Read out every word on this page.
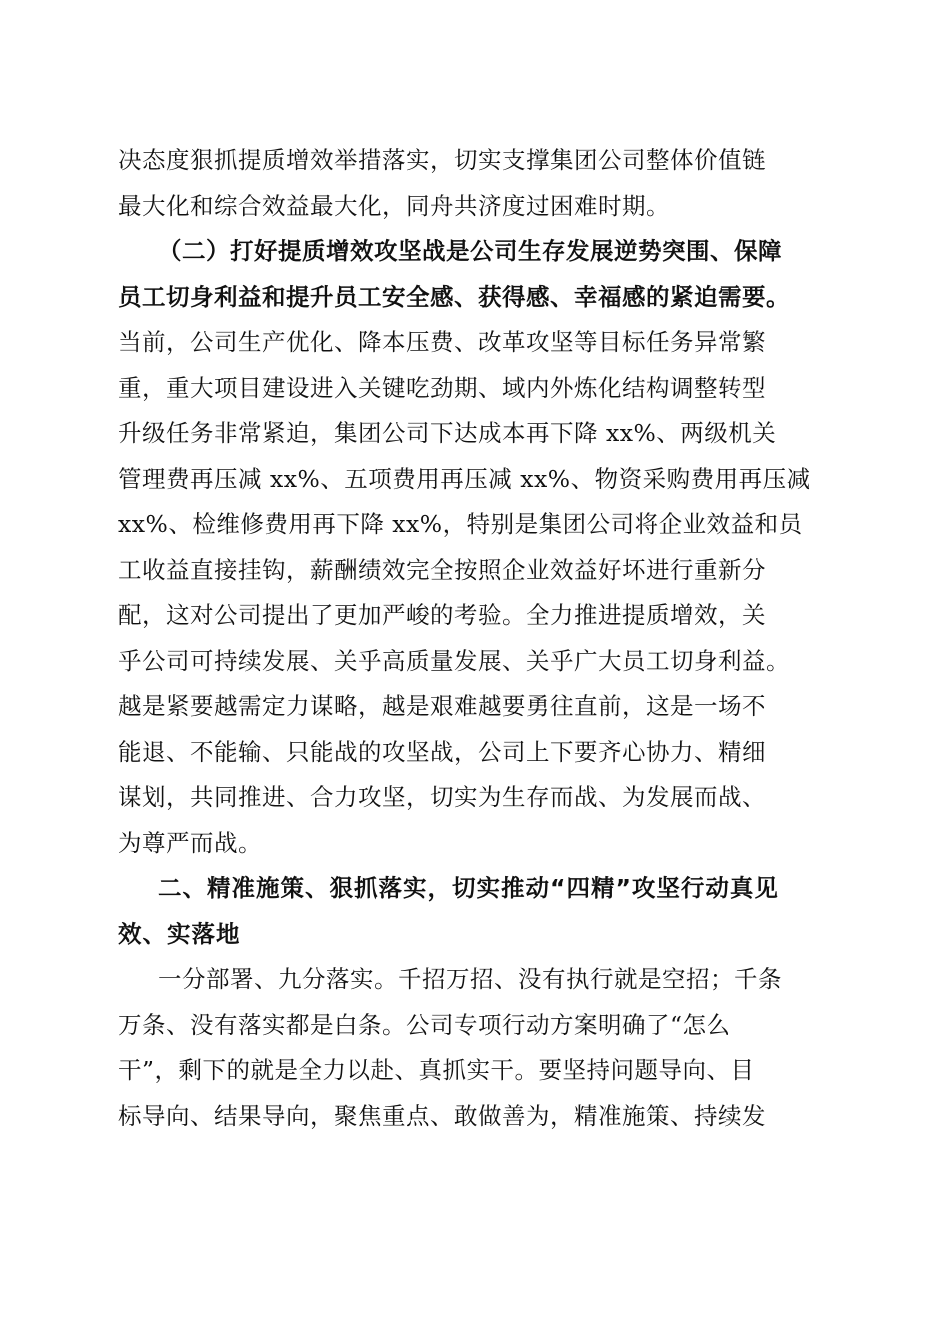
决态度狠抓提质增效举措落实，切实支撑集团公司整体价值链
最大化和综合效益最大化，同舟共济度过困难时期。
（二）打好提质增效攻坚战是公司生存发展逆势突围、保障
员工切身利益和提升员工安全感、获得感、幸福感的紧迫需要。
当前，公司生产优化、降本压费、改革攻坚等目标任务异常繁
重，重大项目建设进入关键吃劲期、域内外炼化结构调整转型
升级任务非常紧迫，集团公司下达成本再下降 xx%、两级机关
管理费再压减 xx%、五项费用再压减 xx%、物资采购费用再压减
xx%、检维修费用再下降 xx%，特别是集团公司将企业效益和员
工收益直接挂钩，薪酬绩效完全按照企业效益好坏进行重新分
配，这对公司提出了更加严峻的考验。全力推进提质增效，关
乎公司可持续发展、关乎高质量发展、关乎广大员工切身利益。
越是紧要越需定力谋略，越是艰难越要勇往直前，这是一场不
能退、不能输、只能战的攻坚战，公司上下要齐心协力、精细
谋划，共同推进、合力攻坚，切实为生存而战、为发展而战、
为尊严而战。
二、精准施策、狠抓落实，切实推动“四精”攻坚行动真见
效、实落地
一分部署、九分落实。千招万招、没有执行就是空招；千条
万条、没有落实都是白条。公司专项行动方案明确了“怎么
干”，剩下的就是全力以赴、真抓实干。要坚持问题导向、目
标导向、结果导向，聚焦重点、敢做善为，精准施策、持续发
